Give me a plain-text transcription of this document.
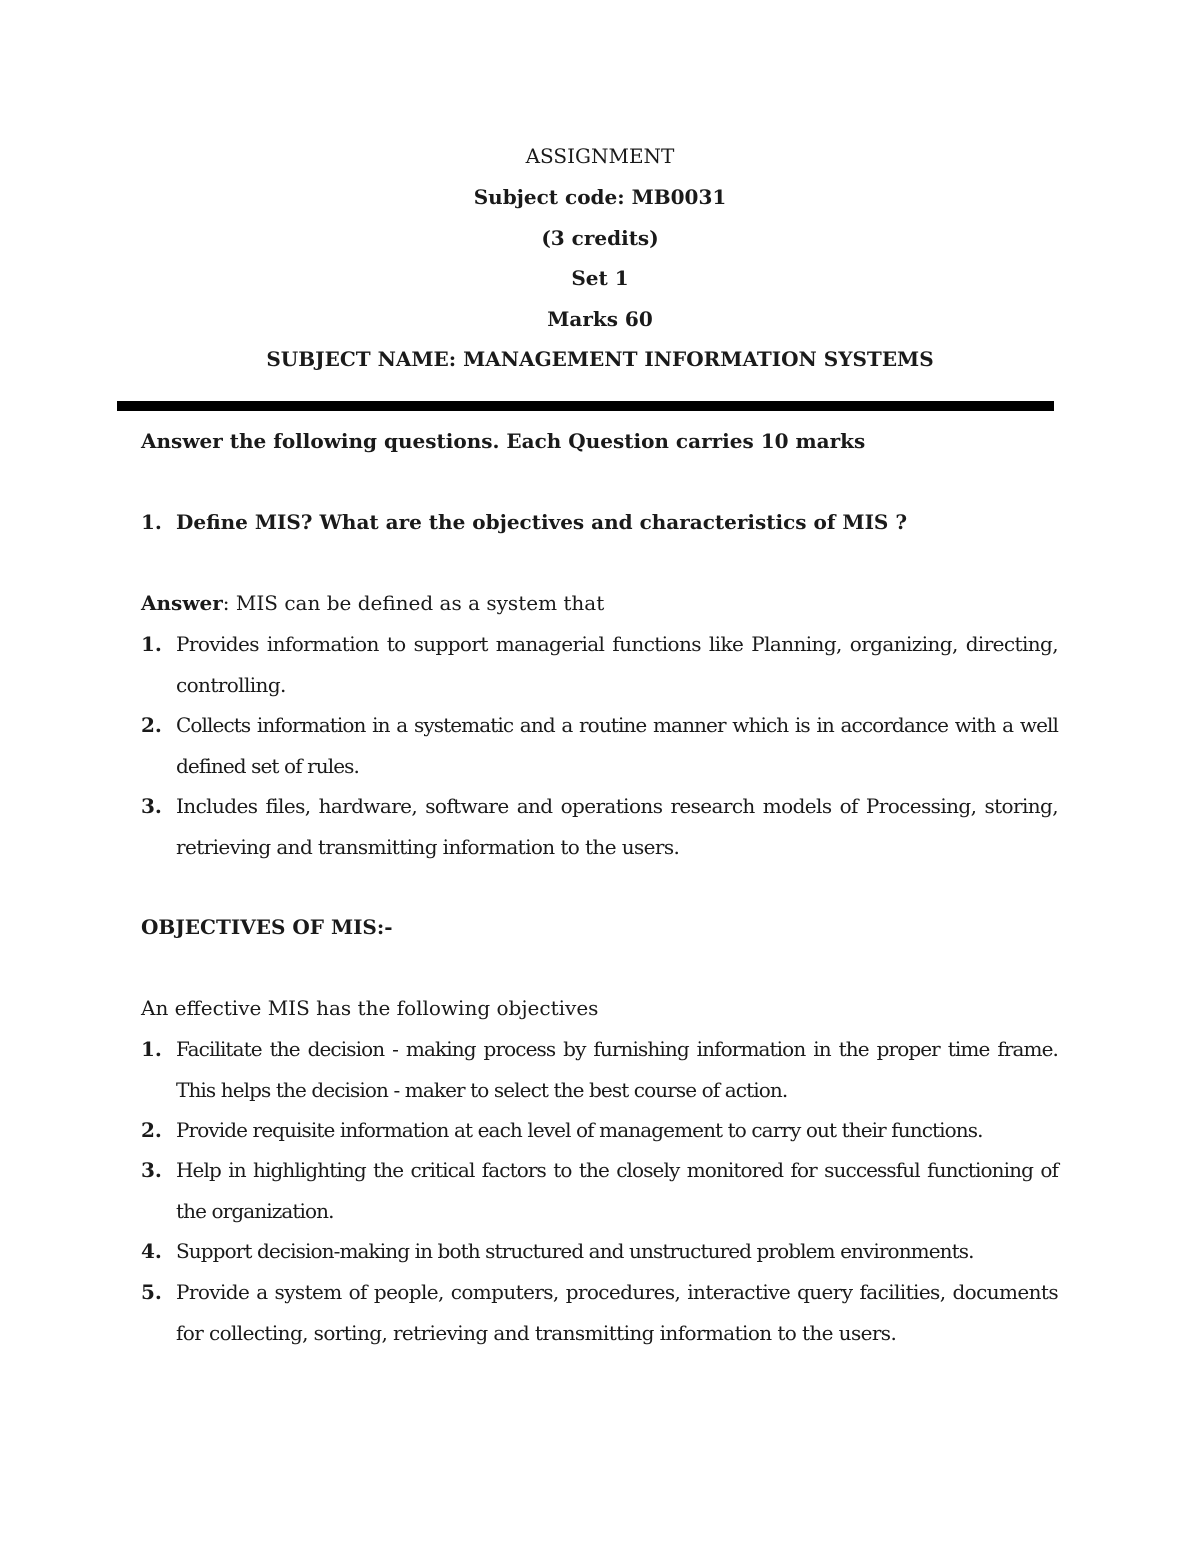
ASSIGNMENT
Subject code: MB0031
(3 credits)
Set 1
Marks 60
SUBJECT NAME: MANAGEMENT INFORMATION SYSTEMS
Answer the following questions. Each Question carries 10 marks
1. Define MIS? What are the objectives and characteristics of MIS ?
Answer: MIS can be defined as a system that
1. Provides information to support managerial functions like Planning, organizing, directing, controlling.
2. Collects information in a systematic and a routine manner which is in accordance with a well defined set of rules.
3. Includes files, hardware, software and operations research models of Processing, storing, retrieving and transmitting information to the users.
OBJECTIVES OF MIS:-
An effective MIS has the following objectives
1. Facilitate the decision - making process by furnishing information in the proper time frame. This helps the decision - maker to select the best course of action.
2. Provide requisite information at each level of management to carry out their functions.
3. Help in highlighting the critical factors to the closely monitored for successful functioning of the organization.
4. Support decision-making in both structured and unstructured problem environments.
5. Provide a system of people, computers, procedures, interactive query facilities, documents for collecting, sorting, retrieving and transmitting information to the users.
